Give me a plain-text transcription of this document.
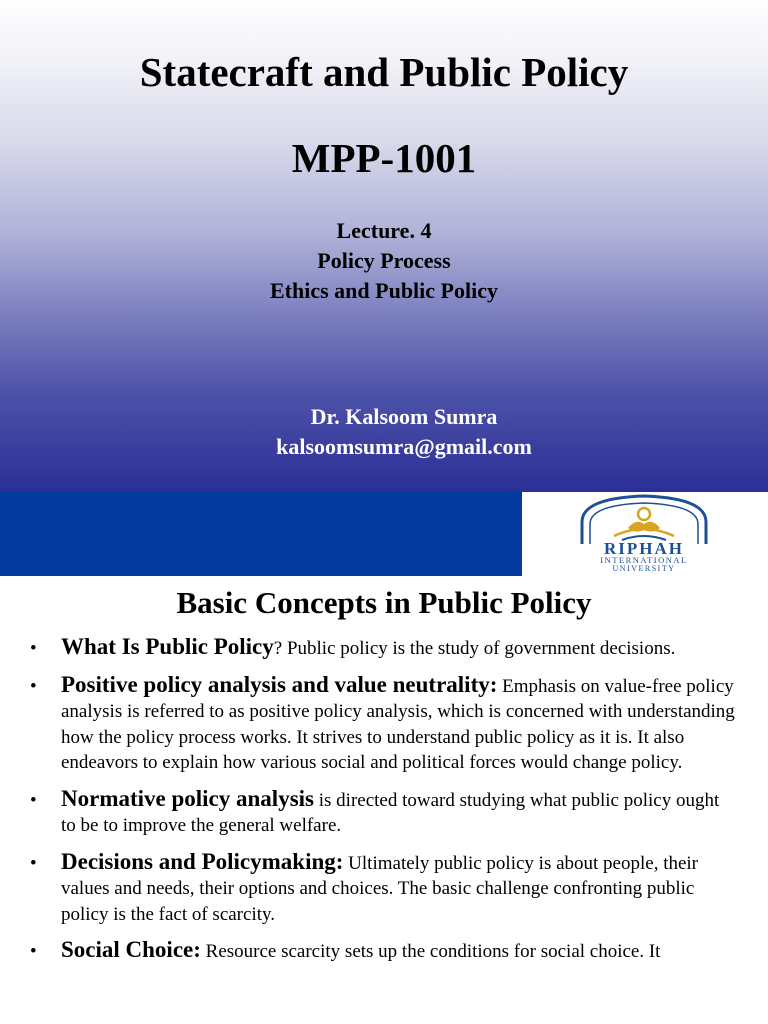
RIPHAH
INTERNATIONAL
UNIVERSITY
Statecraft and Public Policy
MPP-1001
Lecture. 4
Policy Process
Ethics and Public Policy
Dr. Kalsoom Sumra
kalsoomsumra@gmail.com
Basic Concepts in Public Policy
• What Is Public Policy? Public policy is the study of government decisions.
• Positive policy analysis and value neutrality: Emphasis on value-free policy analysis is referred to as positive policy analysis, which is concerned with understanding how the policy process works. It strives to understand public policy as it is. It also endeavors to explain how various social and political forces would change policy.
• Normative policy analysis is directed toward studying what public policy ought to be to improve the general welfare.
• Decisions and Policymaking: Ultimately public policy is about people, their values and needs, their options and choices. The basic challenge confronting public policy is the fact of scarcity.
• Social Choice: Resource scarcity sets up the conditions for social choice. It
